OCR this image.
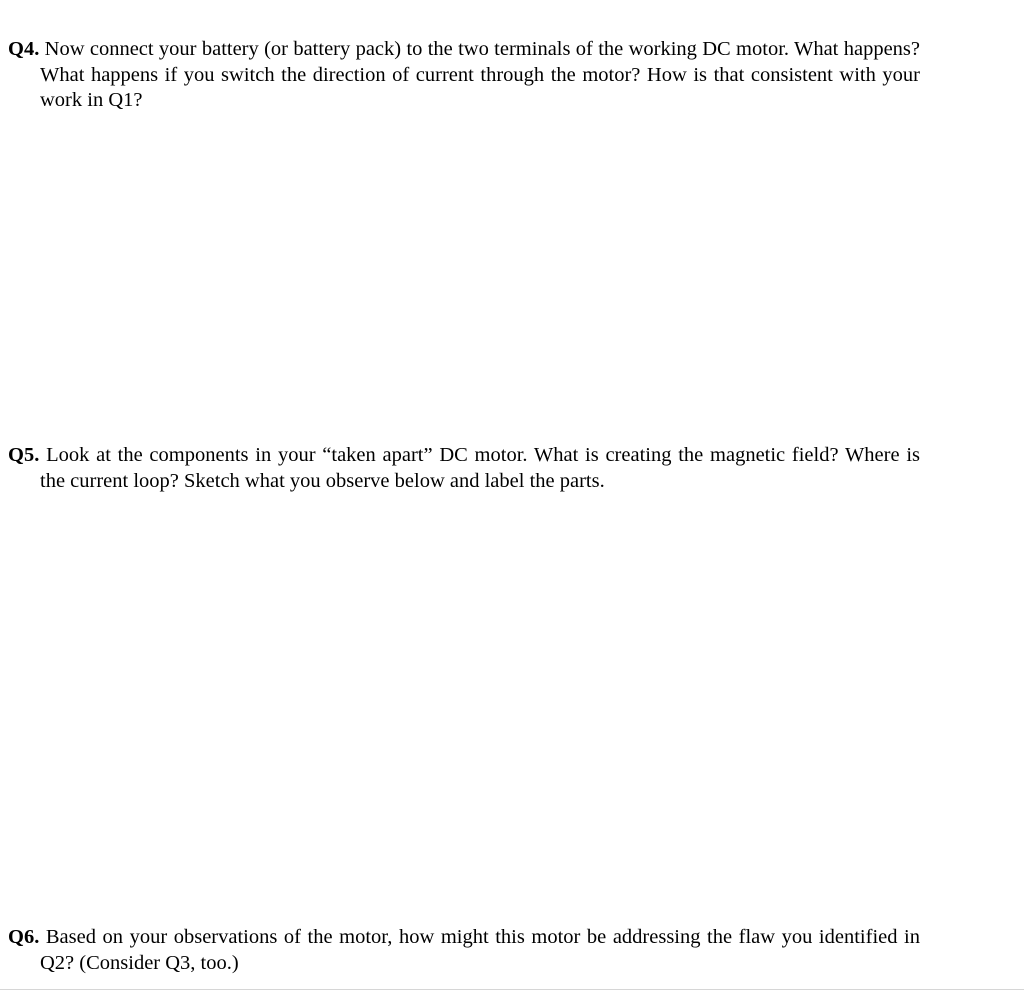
Q4. Now connect your battery (or battery pack) to the two terminals of the working DC motor. What happens? What happens if you switch the direction of current through the motor? How is that consistent with your work in Q1?
Q5. Look at the components in your “taken apart” DC motor. What is creating the magnetic field? Where is the current loop? Sketch what you observe below and label the parts.
Q6. Based on your observations of the motor, how might this motor be addressing the flaw you identified in Q2? (Consider Q3, too.)
